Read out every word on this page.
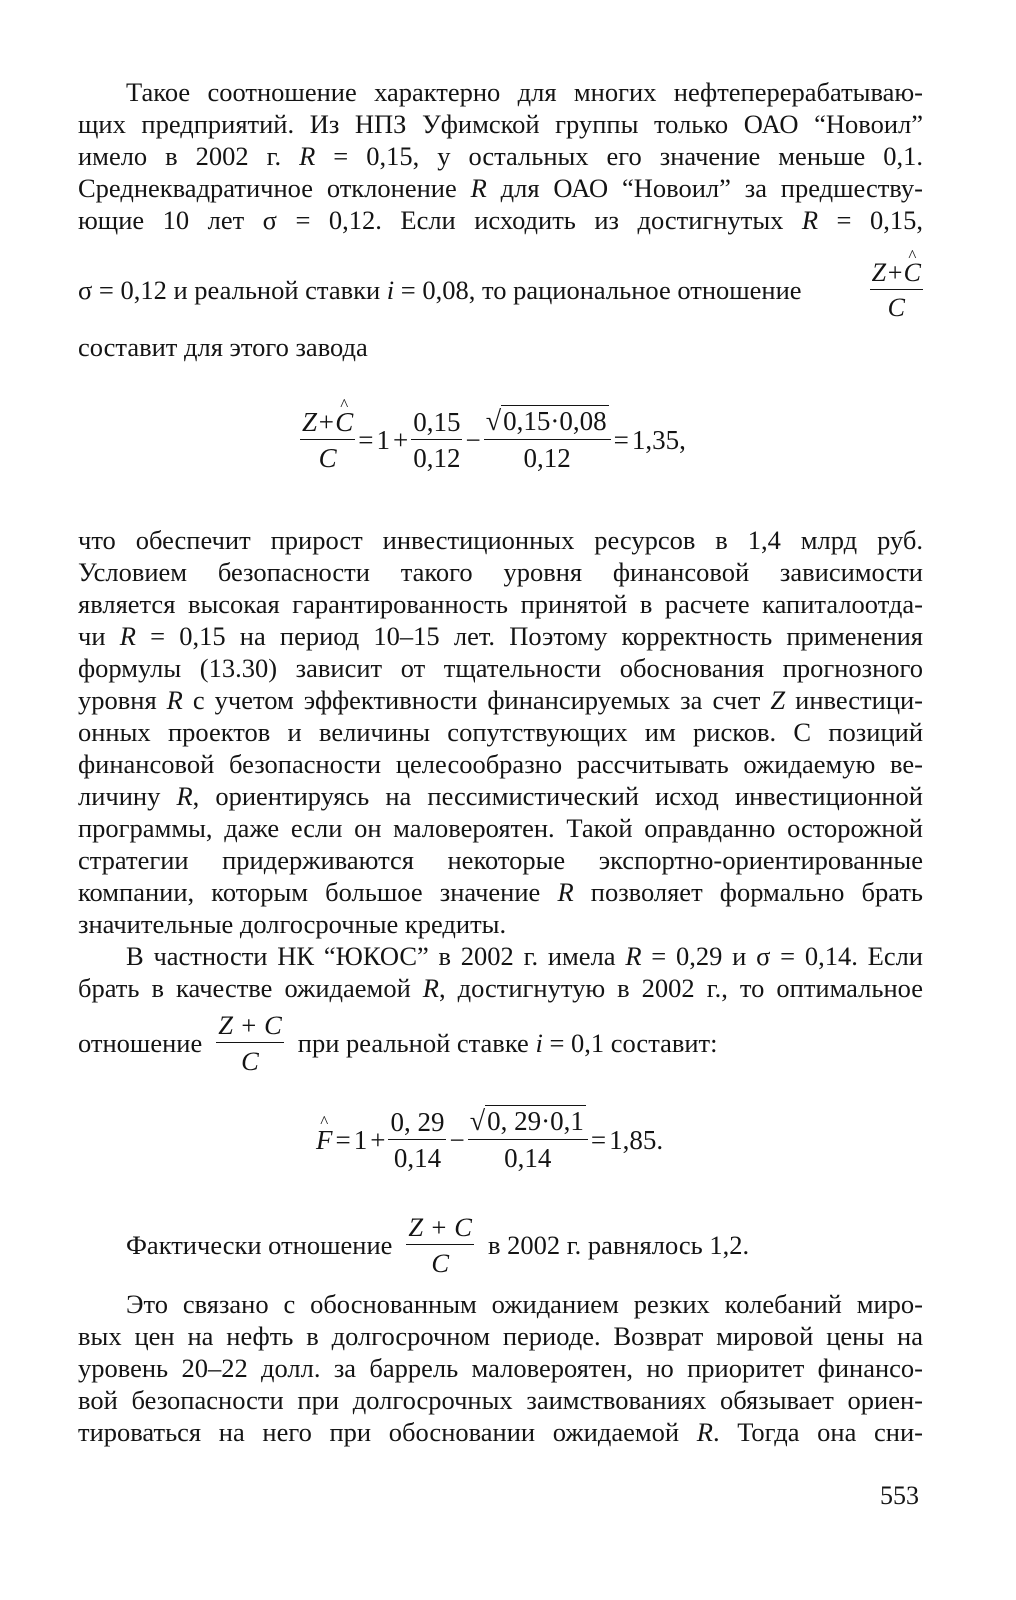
Такое соотношение характерно для многих нефтеперерабатываю-
щих предприятий. Из НПЗ Уфимской группы только ОАО “Новоил”
имело в 2002 г. R = 0,15, у остальных его значение меньше 0,1.
Среднеквадратичное отклонение R для ОАО “Новоил” за предшеству-
ющие 10 лет σ = 0,12. Если исходить из достигнутых R = 0,15,
σ = 0,12 и реальной ставки i = 0,08, то рациональное отношение	$\frac{Z+\^{} C}{C}$
составит для этого завода
$\frac{Z+\^{} C}{C} = 1 + \frac{0,15}{0,12} - \frac{√0,15\cdot 0,08}{0,12} = 1,35$,
что обеспечит прирост инвестиционных ресурсов в 1,4 млрд руб.
Условием безопасности такого уровня финансовой зависимости
является высокая гарантированность принятой в расчете капиталоотда-
чи R = 0,15 на период 10–15 лет. Поэтому корректность применения
формулы (13.30) зависит от тщательности обоснования прогнозного
уровня R с учетом эффективности финансируемых за счет Z инвестици-
онных проектов и величины сопутствующих им рисков. С позиций
финансовой безопасности целесообразно рассчитывать ожидаемую ве-
личину R, ориентируясь на пессимистический исход инвестиционной
программы, даже если он маловероятен. Такой оправданно осторожной
стратегии придерживаются некоторые экспортно-ориентированные
компании, которым большое значение R позволяет формально брать
значительные долгосрочные кредиты.
В частности НК “ЮКОС” в 2002 г. имела R = 0,29 и σ = 0,14. Если
брать в качестве ожидаемой R, достигнутую в 2002 г., то оптимальное
отношение $\frac{Z + C}{C}$ при реальной ставке i = 0,1 составит:
^ $F = 1 + \frac{0, 29}{0,14} - \frac{√0, 29\cdot 0,1}{0,14} = 1,85$.
Фактически отношение $\frac{Z + C}{C}$ в 2002 г. равнялось 1,2.
Это связано с обоснованным ожиданием резких колебаний миро-
вых цен на нефть в долгосрочном периоде. Возврат мировой цены на
уровень 20–22 долл. за баррель маловероятен, но приоритет финансо-
вой безопасности при долгосрочных заимствованиях обязывает ориен-
тироваться на него при обосновании ожидаемой R. Тогда она сни-
553
